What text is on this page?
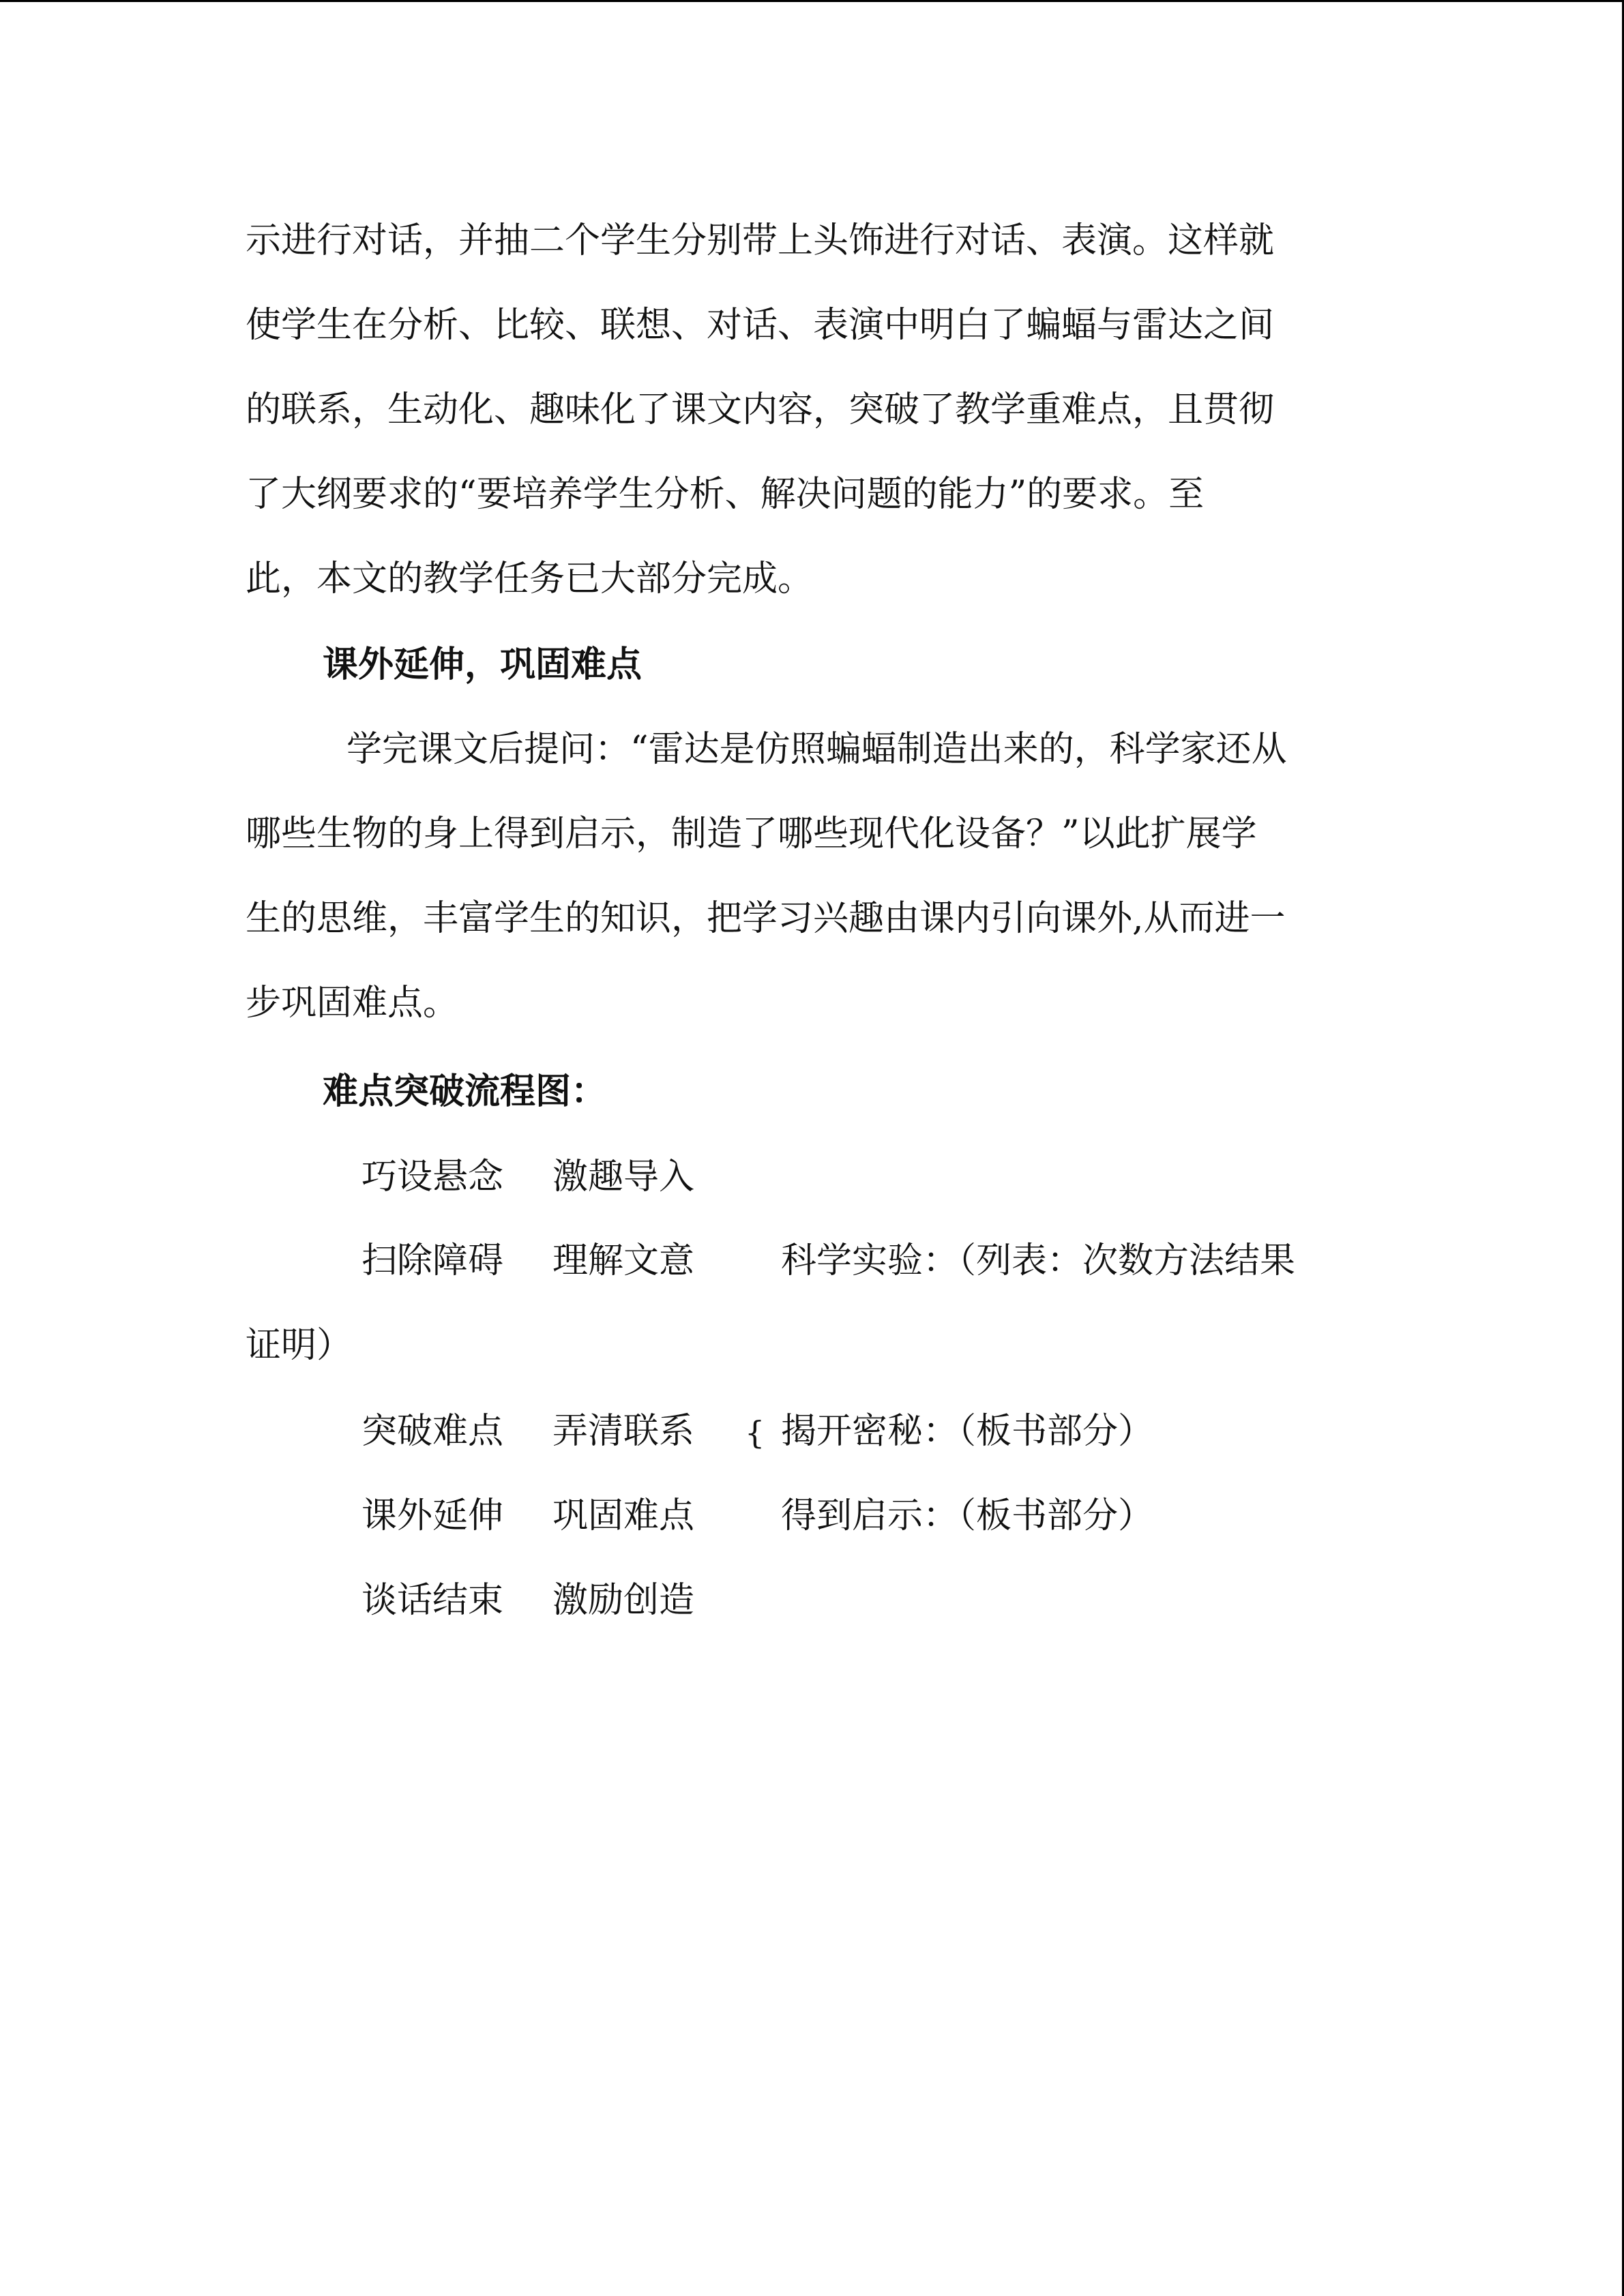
示进行对话，并抽二个学生分别带上头饰进行对话、表演。这样就

使学生在分析、比较、联想、对话、表演中明白了蝙蝠与雷达之间

的联系，生动化、趣味化了课文内容，突破了教学重难点，且贯彻

了大纲要求的“要培养学生分析、解决问题的能力”的要求。至

此，本文的教学任务已大部分完成。

课外延伸，巩固难点

学完课文后提问：“雷达是仿照蝙蝠制造出来的，科学家还从

哪些生物的身上得到启示，制造了哪些现代化设备？”以此扩展学

生的思维，丰富学生的知识，把学习兴趣由课内引向课外,从而进一

步巩固难点。

难点突破流程图：

巧设悬念 激趣导入

扫除障碍 理解文意 科学实验：（列表：次数方法结果

证明）

突破难点 弄清联系 { 揭开密秘：（板书部分）

课外延伸 巩固难点 得到启示：（板书部分）

谈话结束 激励创造
